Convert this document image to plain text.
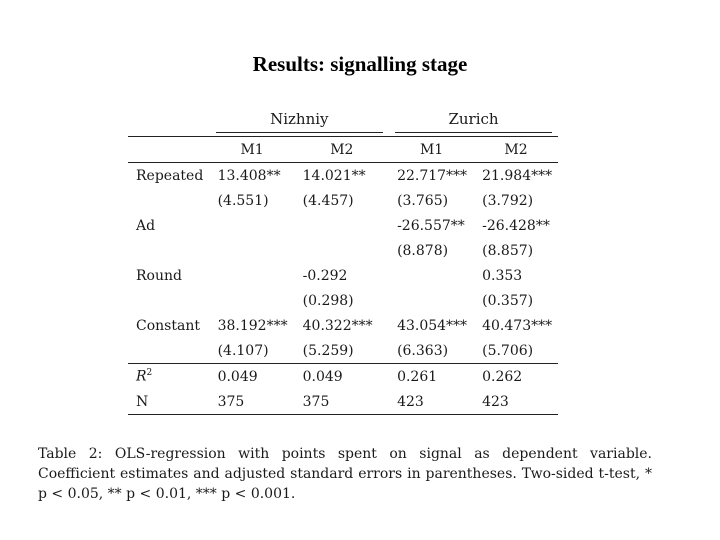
Results: signalling stage

	Nizhniy		Zurich	

	M1	M2	M1	M2
Repeated	13.408**	14.021**	22.717***	21.984***
	(4.551)	(4.457)	(3.765)	(3.792)
Ad			-26.557**	-26.428**
			(8.878)	(8.857)
Round		-0.292		0.353
		(0.298)		(0.357)
Constant	38.192***	40.322***	43.054***	40.473***
	(4.107)	(5.259)	(6.363)	(5.706)
$R^2$	0.049	0.049	0.261	0.262
N	375	375	423	423
Table 2: OLS-regression with points spent on signal as dependent variable. Coefficient estimates and adjusted standard errors in parentheses. Two-sided t-test, * p < 0.05, ** p < 0.01, *** p < 0.001.
